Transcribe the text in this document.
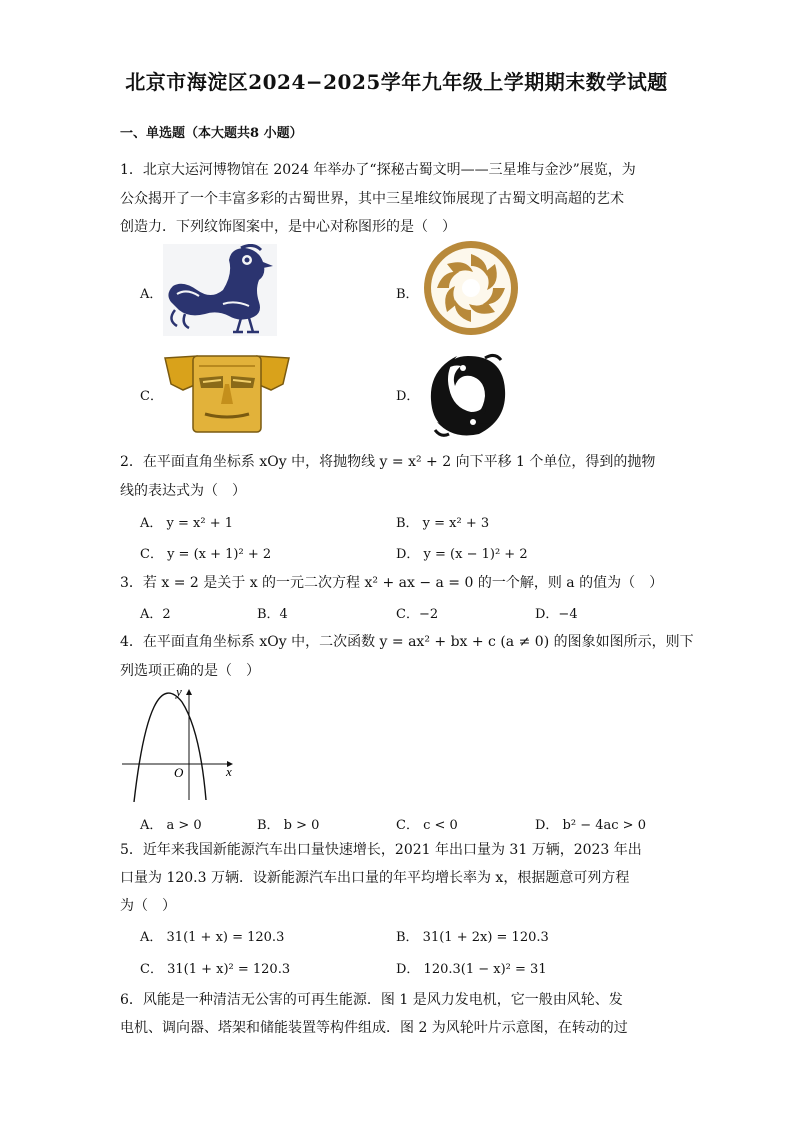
北京市海淀区2024−2025学年九年级上学期期末数学试题
一、单选题（本大题共8 小题）
1．北京大运河博物馆在 2024 年举办了“探秘古蜀文明——三星堆与金沙”展览，为
公众揭开了一个丰富多彩的古蜀世界，其中三星堆纹饰展现了古蜀文明高超的艺术
创造力．下列纹饰图案中，是中心对称图形的是（　）
A．	B．
C．	D．
2．在平面直角坐标系 xOy 中，将抛物线 y = x² + 2 向下平移 1 个单位，得到的抛物
线的表达式为（　）
A． y = x² + 1	B． y = x² + 3
C． y = (x + 1)² + 2	D． y = (x − 1)² + 2
3．若 x = 2 是关于 x 的一元二次方程 x² + ax − a = 0 的一个解，则 a 的值为（　）
A．2	B．4	C．−2	D．−4
4．在平面直角坐标系 xOy 中，二次函数 y = ax² + bx + c (a ≠ 0) 的图象如图所示，则下
列选项正确的是（　）
y
x
O
A． a > 0	B． b > 0	C． c < 0	D． b² − 4ac > 0
5．近年来我国新能源汽车出口量快速增长，2021 年出口量为 31 万辆，2023 年出
口量为 120.3 万辆．设新能源汽车出口量的年平均增长率为 x，根据题意可列方程
为（　）
A． 31(1 + x) = 120.3	B． 31(1 + 2x) = 120.3
C． 31(1 + x)² = 120.3	D． 120.3(1 − x)² = 31
6．风能是一种清洁无公害的可再生能源．图 1 是风力发电机，它一般由风轮、发
电机、调向器、塔架和储能装置等构件组成．图 2 为风轮叶片示意图，在转动的过
